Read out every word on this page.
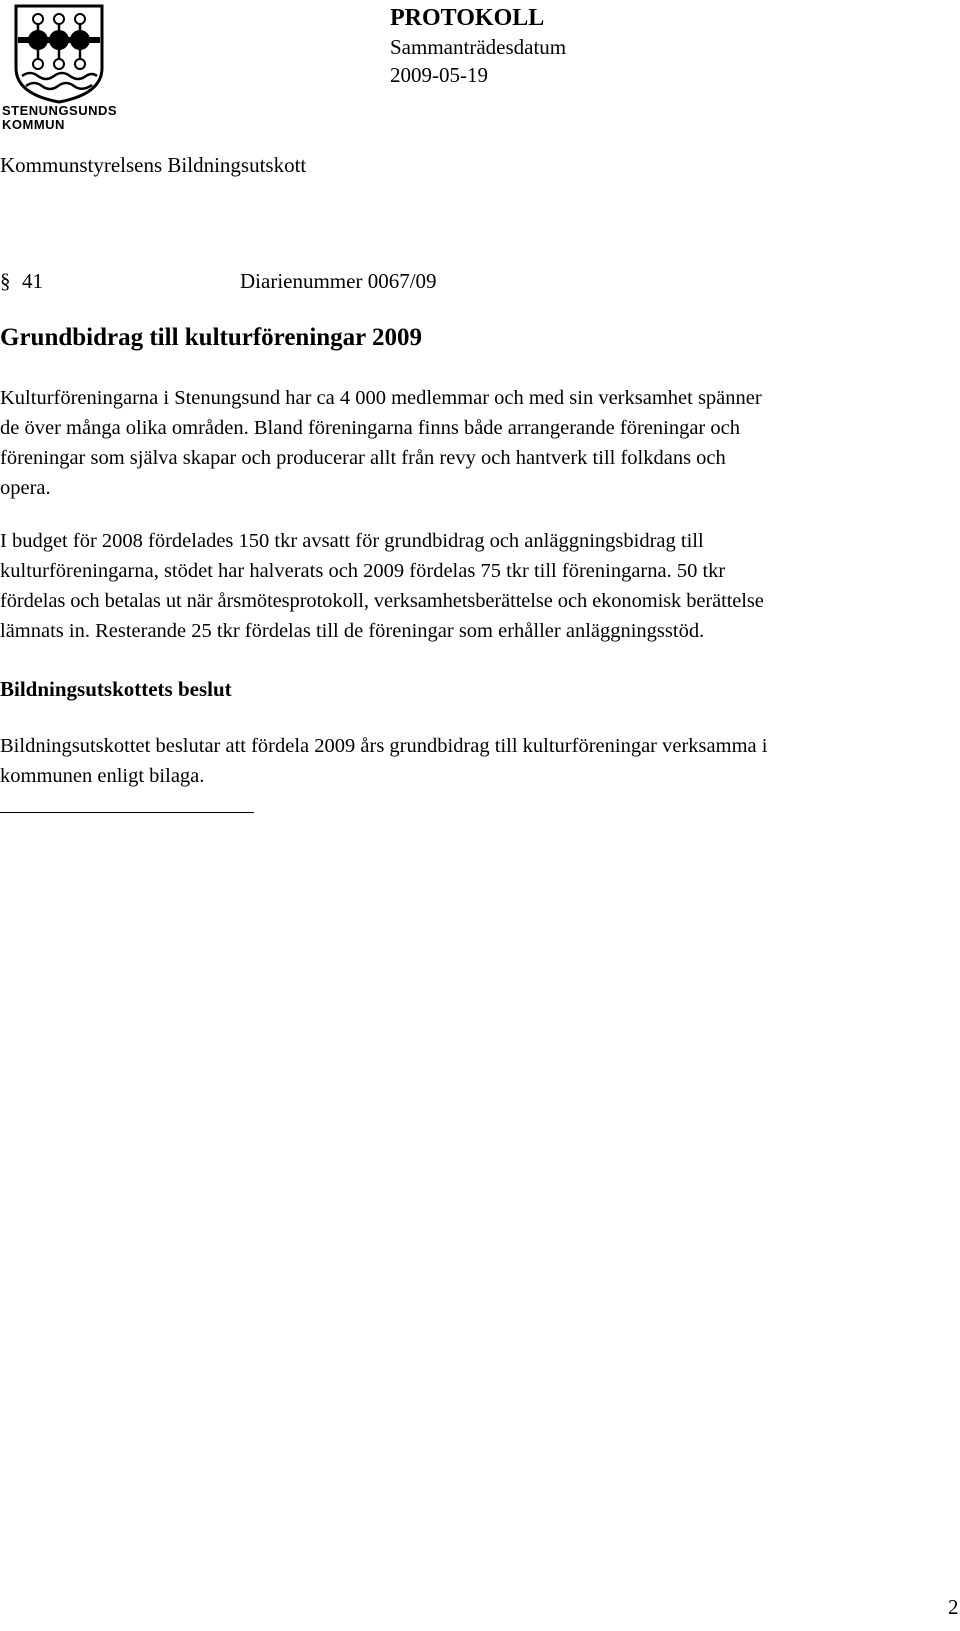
STENUNGSUNDS
KOMMUN
PROTOKOLL
Sammanträdesdatum
2009-05-19
Kommunstyrelsens Bildningsutskott
§ 41	Diarienummer 0067/09
Grundbidrag till kulturföreningar 2009
Kulturföreningarna i Stenungsund har ca 4 000 medlemmar och med sin verksamhet spänner
de över många olika områden. Bland föreningarna finns både arrangerande föreningar och
föreningar som själva skapar och producerar allt från revy och hantverk till folkdans och
opera.
I budget för 2008 fördelades 150 tkr avsatt för grundbidrag och anläggningsbidrag till
kulturföreningarna, stödet har halverats och 2009 fördelas 75 tkr till föreningarna. 50 tkr
fördelas och betalas ut när årsmötesprotokoll, verksamhetsberättelse och ekonomisk berättelse
lämnats in. Resterande 25 tkr fördelas till de föreningar som erhåller anläggningsstöd.
Bildningsutskottets beslut
Bildningsutskottet beslutar att fördela 2009 års grundbidrag till kulturföreningar verksamma i
kommunen enligt bilaga.
2
